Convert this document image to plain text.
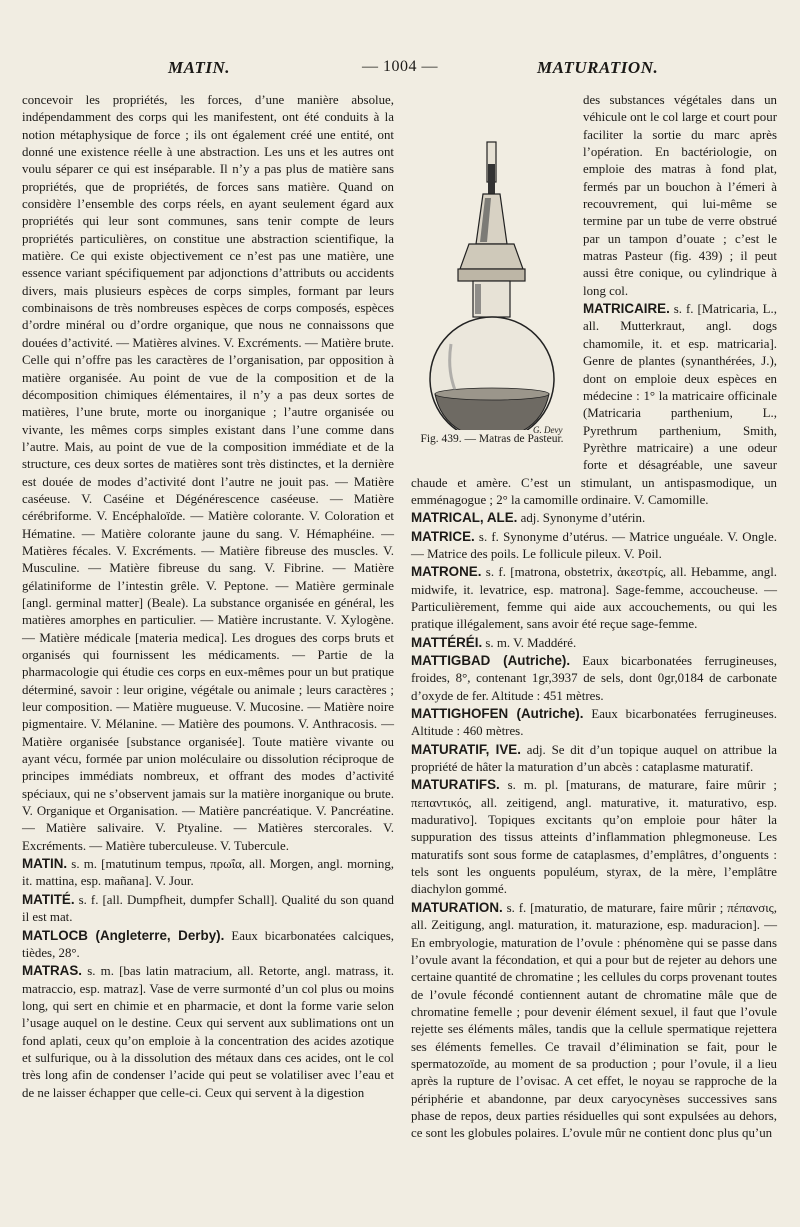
MATIN.	— 1004 —	MATURATION.

concevoir les propriétés, les forces, d’une manière absolue, indépendamment des corps qui les manifestent, ont été conduits à la notion métaphysique de force ; ils ont également créé une entité, ont donné une existence réelle à une abstraction. Les uns et les autres ont voulu séparer ce qui est inséparable. Il n’y a pas plus de matière sans propriétés, que de propriétés, de forces sans matière. Quand on considère l’ensemble des corps réels, en ayant seulement égard aux propriétés qui leur sont communes, sans tenir compte de leurs propriétés particulières, on constitue une abstraction scientifique, la matière. Ce qui existe objectivement ce n’est pas une matière, une essence variant spécifiquement par adjonctions d’attributs ou accidents divers, mais plusieurs espèces de corps simples, formant par leurs combinaisons de très nombreuses espèces de corps composés, espèces d’ordre minéral ou d’ordre organique, que nous ne connaissons que douées d’activité. — Matières alvines. V. Excréments. — Matière brute. Celle qui n’offre pas les caractères de l’organisation, par opposition à matière organisée. Au point de vue de la composition et de la décomposition chimiques élémentaires, il n’y a pas deux sortes de matières, l’une brute, morte ou inorganique ; l’autre organisée ou vivante, les mêmes corps simples existant dans l’une comme dans l’autre. Mais, au point de vue de la composition immédiate et de la structure, ces deux sortes de matières sont très distinctes, et la dernière est douée de modes d’activité dont l’autre ne jouit pas. — Matière caséeuse. V. Caséine et Dégénérescence caséeuse. — Matière cérébriforme. V. Encéphaloïde. — Matière colorante. V. Coloration et Hématine. — Matière colorante jaune du sang. V. Hémaphéine. — Matières fécales. V. Excréments. — Matière fibreuse des muscles. V. Musculine. — Matière fibreuse du sang. V. Fibrine. — Matière gélatiniforme de l’intestin grêle. V. Peptone. — Matière germinale [angl. germinal matter] (Beale). La substance organisée en général, les matières amorphes en particulier. — Matière incrustante. V. Xylogène. — Matière médicale [materia medica]. Les drogues des corps bruts et organisés qui fournissent les médicaments. — Partie de la pharmacologie qui étudie ces corps en eux-mêmes pour un but pratique déterminé, savoir : leur origine, végétale ou animale ; leurs caractères ; leur composition. — Matière mugueuse. V. Mucosine. — Matière noire pigmentaire. V. Mélanine. — Matière des poumons. V. Anthracosis. — Matière organisée [substance organisée]. Toute matière vivante ou ayant vécu, formée par union moléculaire ou dissolution réciproque de principes immédiats nombreux, et offrant des modes d’activité spéciaux, qui ne s’observent jamais sur la matière inorganique ou brute. V. Organique et Organisation. — Matière pancréatique. V. Pancréatine. — Matière salivaire. V. Ptyaline. — Matières stercorales. V. Excréments. — Matière tuberculeuse. V. Tubercule.

MATIN. s. m. [matutinum tempus, πρωΐα, all. Morgen, angl. morning, it. mattina, esp. mañana]. V. Jour.

MATITÉ. s. f. [all. Dumpfheit, dumpfer Schall]. Qualité du son quand il est mat.

MATLOCB (Angleterre, Derby). Eaux bicarbonatées calciques, tièdes, 28°.

MATRAS. s. m. [bas latin matracium, all. Retorte, angl. matrass, it. matraccio, esp. matraz]. Vase de verre surmonté d’un col plus ou moins long, qui sert en chimie et en pharmacie, et dont la forme varie selon l’usage auquel on le destine. Ceux qui servent aux sublimations ont un fond aplati, ceux qu’on emploie à la concentration des acides azotique et sulfurique, ou à la dissolution des métaux dans ces acides, ont le col très long afin de condenser l’acide qui peut se volatiliser avec l’eau et de ne laisser échapper que celle-ci. Ceux qui servent à la digestion

G. Devy
Fig. 439. — Matras de Pasteur.

des substances végétales dans un véhicule ont le col large et court pour faciliter la sortie du marc après l’opération. En bactériologie, on emploie des matras à fond plat, fermés par un bouchon à l’émeri à recouvrement, qui lui-même se termine par un tube de verre obstrué par un tampon d’ouate ; c’est le matras Pasteur (fig. 439) ; il peut aussi être conique, ou cylindrique à long col.

MATRICAIRE. s. f. [Matricaria, L., all. Mutterkraut, angl. dogs chamomile, it. et esp. matricaria]. Genre de plantes (synanthérées, J.), dont on emploie deux espèces en médecine : 1° la matricaire officinale (Matricaria parthenium, L., Pyrethrum parthenium, Smith, Pyrèthre matricaire) a une odeur forte et désagréable, une saveur chaude et amère. C’est un stimulant, un antispasmodique, un emménagogue ; 2° la camomille ordinaire. V. Camomille.

MATRICAL, ALE. adj. Synonyme d’utérin.

MATRICE. s. f. Synonyme d’utérus. — Matrice unguéale. V. Ongle. — Matrice des poils. Le follicule pileux. V. Poil.

MATRONE. s. f. [matrona, obstetrix, ἀκεστρίς, all. Hebamme, angl. midwife, it. levatrice, esp. matrona]. Sage-femme, accoucheuse. — Particulièrement, femme qui aide aux accouchements, ou qui les pratique illégalement, sans avoir été reçue sage-femme.

MATTÉRÉI. s. m. V. Maddéré.

MATTIGBAD (Autriche). Eaux bicarbonatées ferrugineuses, froides, 8°, contenant 1gr,3937 de sels, dont 0gr,0184 de carbonate d’oxyde de fer. Altitude : 451 mètres.

MATTIGHOFEN (Autriche). Eaux bicarbonatées ferrugineuses. Altitude : 460 mètres.

MATURATIF, IVE. adj. Se dit d’un topique auquel on attribue la propriété de hâter la maturation d’un abcès : cataplasme maturatif.

MATURATIFS. s. m. pl. [maturans, de maturare, faire mûrir ; πεπαντικός, all. zeitigend, angl. maturative, it. maturativo, esp. madurativo]. Topiques excitants qu’on emploie pour hâter la suppuration des tissus atteints d’inflammation phlegmoneuse. Les maturatifs sont sous forme de cataplasmes, d’emplâtres, d’onguents : tels sont les onguents populéum, styrax, de la mère, l’emplâtre diachylon gommé.

MATURATION. s. f. [maturatio, de maturare, faire mûrir ; πέπανσις, all. Zeitigung, angl. maturation, it. maturazione, esp. maduracion]. — En embryologie, maturation de l’ovule : phénomène qui se passe dans l’ovule avant la fécondation, et qui a pour but de rejeter au dehors une certaine quantité de chromatine ; les cellules du corps provenant toutes de l’ovule fécondé contiennent autant de chromatine mâle que de chromatine femelle ; pour devenir élément sexuel, il faut que l’ovule rejette ses éléments mâles, tandis que la cellule spermatique rejettera ses éléments femelles. Ce travail d’élimination se fait, pour le spermatozoïde, au moment de sa production ; pour l’ovule, il a lieu après la rupture de l’ovisac. A cet effet, le noyau se rapproche de la périphérie et abandonne, par deux caryocynèses successives sans phase de repos, deux parties résiduelles qui sont expulsées au dehors, ce sont les globules polaires. L’ovule mûr ne contient donc plus qu’un
